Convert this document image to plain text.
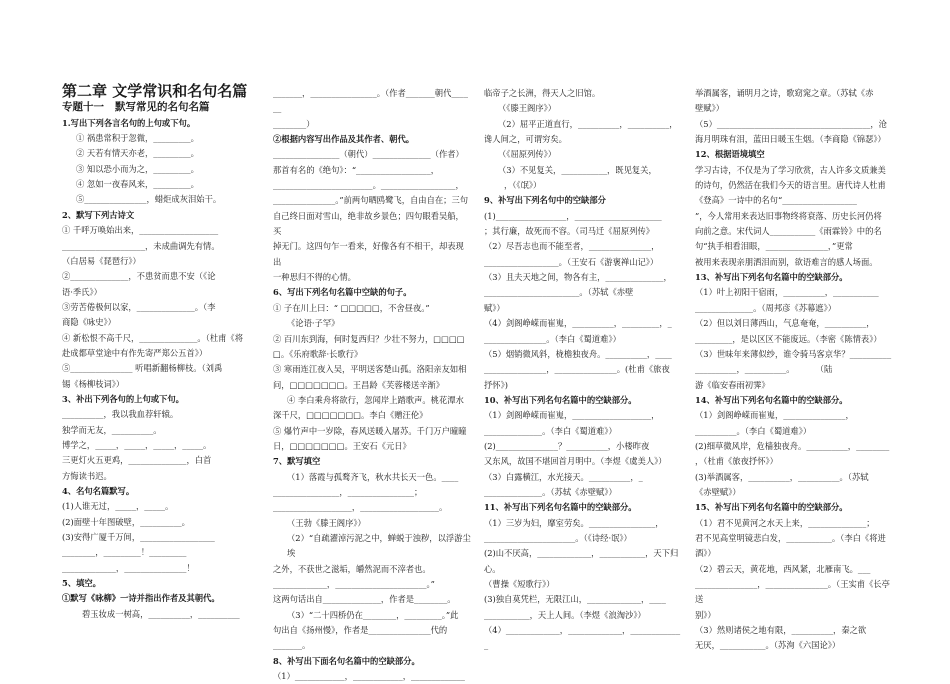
第二章 文学常识和名句名篇
专题十一   默写常见的名句名篇
1.写出下列各言名句的上句或下句。
① 祸患常积于忽微，_________。
② 天若有情天亦老，_________。
③ 知以恐小而为之，_________。
④ 忽如一夜春风来，_________。
⑤_______________，蜡炬成灰泪始干。
2、默写下列古诗文
① 千呼万唤始出来，___________________
____________________，未成曲调先有情。
（白居易《琵琶行》）
②______________，不患贫而患不安（《论
语·季氏》）
③劳苦倦极何以家，______________。（李
商隐《咏史》）
④ 新松恨不高千尺，______________。（杜甫《将
赴成都草堂途中有作先寄严郑公五首》）
⑤_______________ 听唱新翻杨柳枝。（刘禹
锡《杨柳枝词》）
3、补出下列各句的上句或下句。
__________，我以我血荐轩辕。
独学而无友，__________。
博学之，_____，_____，_____，_____。
三更灯火五更鸡，______________，白首
方悔读书迟。
4、名句名篇默写。
(1)人谁无过，_____，_____。
(2)面壁十年图破壁，__________。
(3)安得广厦千万间，__________________
________，_________！_________
_____________，_______________！
5、填空。
①默写《咏柳》一诗并指出作者及其朝代。
碧玉妆成一树高，__________，__________
_______，________________。（作者_______朝代______
________）
②根据内容写出作品及其作者、朝代。
________________（朝代）______________（作者）
那首有名的《绝句》：“__________________，
________________________。__________________，
_______________。”前两句晒鸥鹭飞，自由自在；三句
自己终日面对雪山，绝非故乡景色；四句眼看吴船，买
掉无门。这四句乍一看来，好像各有不相干，却表现出
一种思归不得的心情。
6、写出下列名句名篇中空缺的句子。
① 子在川上曰：“ □□□□□，不舍昼夜。”
《论语·子罕》
② 百川东到海，何时复西归？少壮不努力，□□□□
□。《乐府歌辞·长歌行》
③ 寒雨连江夜入吴，平明送客楚山孤。洛阳亲友如相
问，□□□□□□□。王昌龄《芙蓉楼送辛渐》
④ 李白乘舟将欲行，忽闻岸上踏歌声。桃花潭水
深千尺，□□□□□□□。李白《赠汪伦》
⑤ 爆竹声中一岁除，春风送暖入屠苏。千门万户曈曈
日，□□□□□□□。王安石《元日》
7、默写填空
（1）落霞与孤鹜齐飞，秋水共长天一色。____
________________，________________；
___________________，___________________。
（王勃《滕王阁序》）
（2）“自疏濯淖污泥之中，蝉蜕于浊秽，以浮游尘埃
之外，不获世之滋垢，皭然泥而不滓者也。
_____________，______________________。”
这两句话出自______________，作者是________。
（3）“二十四桥仍在________，_________。”此
句出自《扬州慢》，作者是_______________代的
_______。
8、补写出下面名句名篇中的空缺部分。
（1）____________，____________，_____________
临帝子之长洲，得天人之旧馆。
（《滕王阁序》）
（2）屈平正道直行，__________，__________，
谗人间之，可谓穷矣。
（《屈原列传》）
（3）不见复关，___________，既见复关，
，（《氓》）
9、补写出下列名句中的空缺部分
(1)_________________，_____________________
；其行廉，故死而不容。（司马迁《屈原列传》
（2）尽吾志也而不能至者，_______________，
__________________。（王安石《游褒禅山记》）
（3）且夫天地之间，物各有主，______________，
_______________________。（苏轼《赤壁
赋》）
（4）剑阁峥嵘而崔嵬，__________，_________，_
_______________。（李白《蜀道难》）
（5）烟销微风斜，栊檐独夜舟。__________，____
_______________，_______________。(杜甫《旅夜
抒怀》)
10、补写出下列名句名篇中的空缺部分。
（1）剑阁峥嵘而崔嵬，___________________，
______________。（李白《蜀道难》）
(2)_______________？__________，小楼昨夜
又东风，故国不堪回首月明中。（李煜《虞美人》）
（3）白露横江，水光接天。__________，_
______________。（苏轼《赤壁赋》）
11、补写出下列名句名篇中的空缺部分。
（1）三岁为妇，靡室劳矣。________________，
______________________。（《诗经·氓》）
(2)山不厌高，_____________，___________，天下归心。
（曹操《短歌行》）
(3)独自莫凭栏，无限江山，_____________，____
___________，天上人间。（李煜《浪淘沙》）
（4）_____________，_____________，_____________
举酒属客，诵明月之诗，歌窈窕之章。（苏轼《赤
壁赋》）
（5）_____________________________________，沧
海月明珠有泪，蓝田日暖玉生烟。（李商隐《锦瑟》）
12、根据语境填空
学习古诗，不仅是为了学习欣赏，古人许多文质兼美
的诗句，仍然活在我们今天的语言里。唐代诗人杜甫
《登高》一诗中的名句“__________________
”，今人常用来表达旧事物终将衰落、历史长河仍将
向前之意。宋代词人___________《雨霖铃》中的名
句“执手相看泪眼，_______________，”更常
被用来表现亲朋洒泪而别，欲语难言的感人场面。
13、补写出下列名句名篇中的空缺部分。
（1）叶上初阳干宿雨，__________，___________
______________。（周邦彦《苏幕遮》）
（2）但以刘日薄西山，气息奄奄，__________，
_________，是以区区不能废远。（李密《陈情表》）
（3）世味年来薄似纱，谁令骑马客京华？__________
__________，__________。        （陆
游《临安春雨初霁》
14、补写出下列名句名篇中的空缺部分。
（1）剑阁峥嵘而崔嵬，_______________，
__________。（李白《蜀道难》）
(2)细草微风岸，危樯独夜舟。__________，________
，（杜甫《旅夜抒怀》）
(3)举酒属客，__________，__________。（苏轼
《赤壁赋》）
15、补写出下列名句名篇中的空缺部分。
（1）君不见黄河之水天上来，______________；
君不见高堂明镜悲白发，___________。（李白《将进酒》）
（2）碧云天，黄花地，西风紧，北雁南飞。___
_______________，_______________。（王实甫《长亭送
别》）
（3）然则诸侯之地有限，__________，秦之欲
无厌，___________。（苏洵《六国论》）
